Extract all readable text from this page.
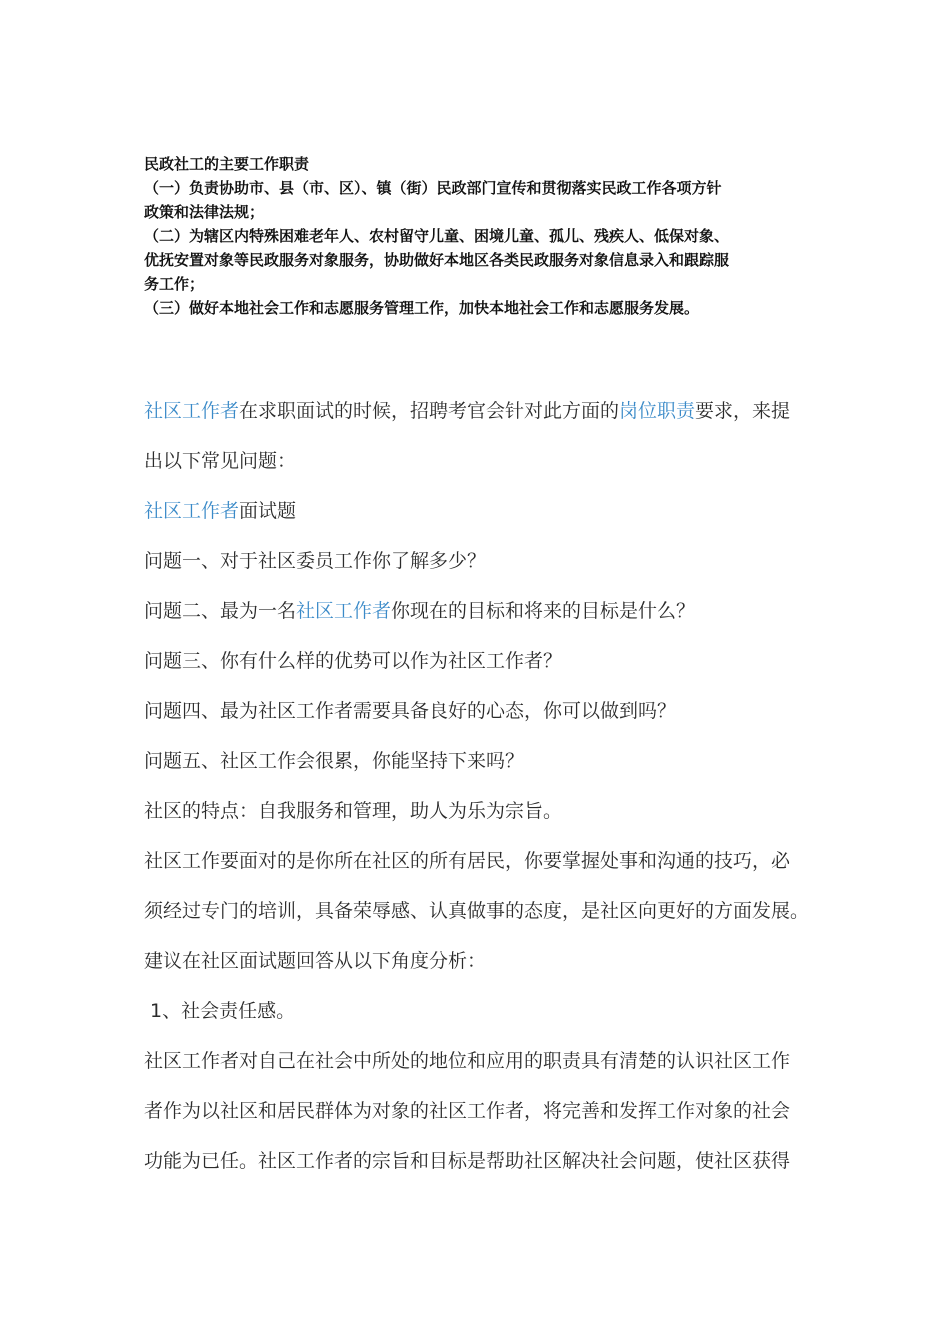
民政社工的主要工作职责

（一）负责协助市、县（市、区）、镇（街）民政部门宣传和贯彻落实民政工作各项方针

政策和法律法规；

（二）为辖区内特殊困难老年人、农村留守儿童、困境儿童、孤儿、残疾人、低保对象、

优抚安置对象等民政服务对象服务，协助做好本地区各类民政服务对象信息录入和跟踪服

务工作；

（三）做好本地社会工作和志愿服务管理工作，加快本地社会工作和志愿服务发展。

社区工作者在求职面试的时候，招聘考官会针对此方面的岗位职责要求，来提
出以下常见问题：
社区工作者面试题
问题一、对于社区委员工作你了解多少？
问题二、最为一名社区工作者你现在的目标和将来的目标是什么？
问题三、你有什么样的优势可以作为社区工作者？
问题四、最为社区工作者需要具备良好的心态，你可以做到吗？
问题五、社区工作会很累，你能坚持下来吗？
社区的特点：自我服务和管理，助人为乐为宗旨。
社区工作要面对的是你所在社区的所有居民，你要掌握处事和沟通的技巧，必
须经过专门的培训，具备荣辱感、认真做事的态度，是社区向更好的方面发展。
建议在社区面试题回答从以下角度分析：
1、社会责任感。
社区工作者对自己在社会中所处的地位和应用的职责具有清楚的认识社区工作
者作为以社区和居民群体为对象的社区工作者，将完善和发挥工作对象的社会
功能为已任。社区工作者的宗旨和目标是帮助社区解决社会问题，使社区获得
